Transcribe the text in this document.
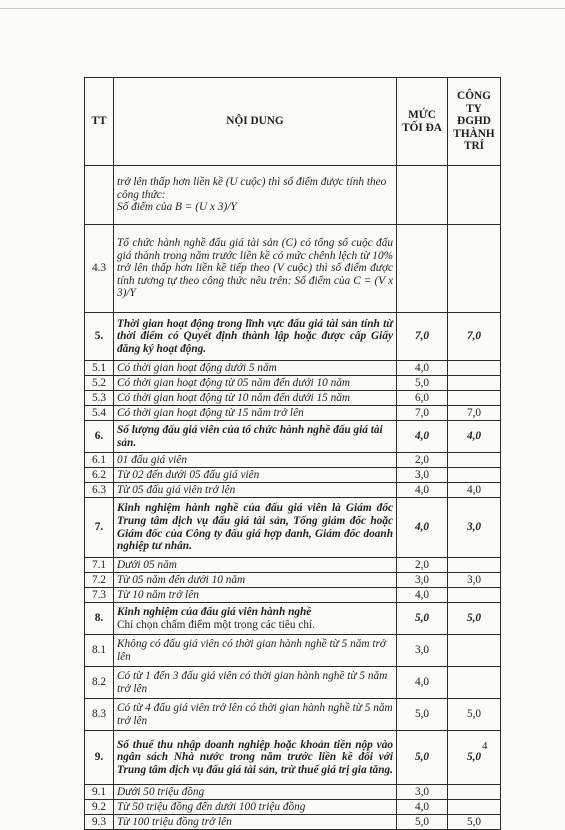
TT	NỘI DUNG	MỨC TỐI ĐA	CÔNG TY ĐGHD THÀNH TRÍ
	trở lên thấp hơn liền kề (U cuộc) thì số điểm được tính theo công thức:
Số điểm của B = (U x 3)/Y		
4.3	Tổ chức hành nghề đấu giá tài sản (C) có tổng số cuộc đấu giá thành trong năm trước liền kề có mức chênh lệch từ 10% trở lên thấp hơn liền kề tiếp theo (V cuộc) thì số điểm được tính tương tự theo công thức nêu trên: Số điểm của C = (V x 3)/Y		
5.	Thời gian hoạt động trong lĩnh vực đấu giá tài sản tính từ thời điểm có Quyết định thành lập hoặc được cấp Giấy đăng ký hoạt động.	7,0	7,0
5.1	Có thời gian hoạt động dưới 5 năm	4,0	
5.2	Có thời gian hoạt động từ 05 năm đến dưới 10 năm	5,0	
5.3	Có thời gian hoạt động từ 10 năm đến dưới 15 năm	6,0	
5.4	Có thời gian hoạt động từ 15 năm trở lên	7,0	7,0
6.	Số lượng đấu giá viên của tổ chức hành nghề đấu giá tài sản.	4,0	4,0
6.1	01 đấu giá viên	2,0	
6.2	Từ 02 đến dưới 05 đấu giá viên	3,0	
6.3	Từ 05 đấu giá viên trở lên	4,0	4,0
7.	Kinh nghiệm hành nghề của đấu giá viên là Giám đốc Trung tâm dịch vụ đấu giá tài sản, Tổng giám đốc hoặc Giám đốc của Công ty đấu giá hợp danh, Giám đốc doanh nghiệp tư nhân.	4,0	3,0
7.1	Dưới 05 năm	2,0	
7.2	Từ 05 năm đến dưới 10 năm	3,0	3,0
7.3	Từ 10 năm trở lên	4,0	
8.	Kinh nghiệm của đấu giá viên hành nghề
Chỉ chọn chấm điểm một trong các tiêu chí.	5,0	5,0
8.1	Không có đấu giá viên có thời gian hành nghề từ 5 năm trở lên	3,0	
8.2	Có từ 1 đến 3 đấu giá viên có thời gian hành nghề từ 5 năm trở lên	4,0	
8.3	Có từ 4 đấu giá viên trở lên có thời gian hành nghề từ 5 năm trở lên	5,0	5,0
9.	Số thuế thu nhập doanh nghiệp hoặc khoản tiền nộp vào ngân sách Nhà nước trong năm trước liền kề đối với Trung tâm dịch vụ đấu giá tài sản, trừ thuế giá trị gia tăng.	5,0	5,0
9.1	Dưới 50 triệu đồng	3,0	
9.2	Từ 50 triệu đồng đến dưới 100 triệu đồng	4,0	
9.3	Từ 100 triệu đồng trở lên	5,0	5,0
4
